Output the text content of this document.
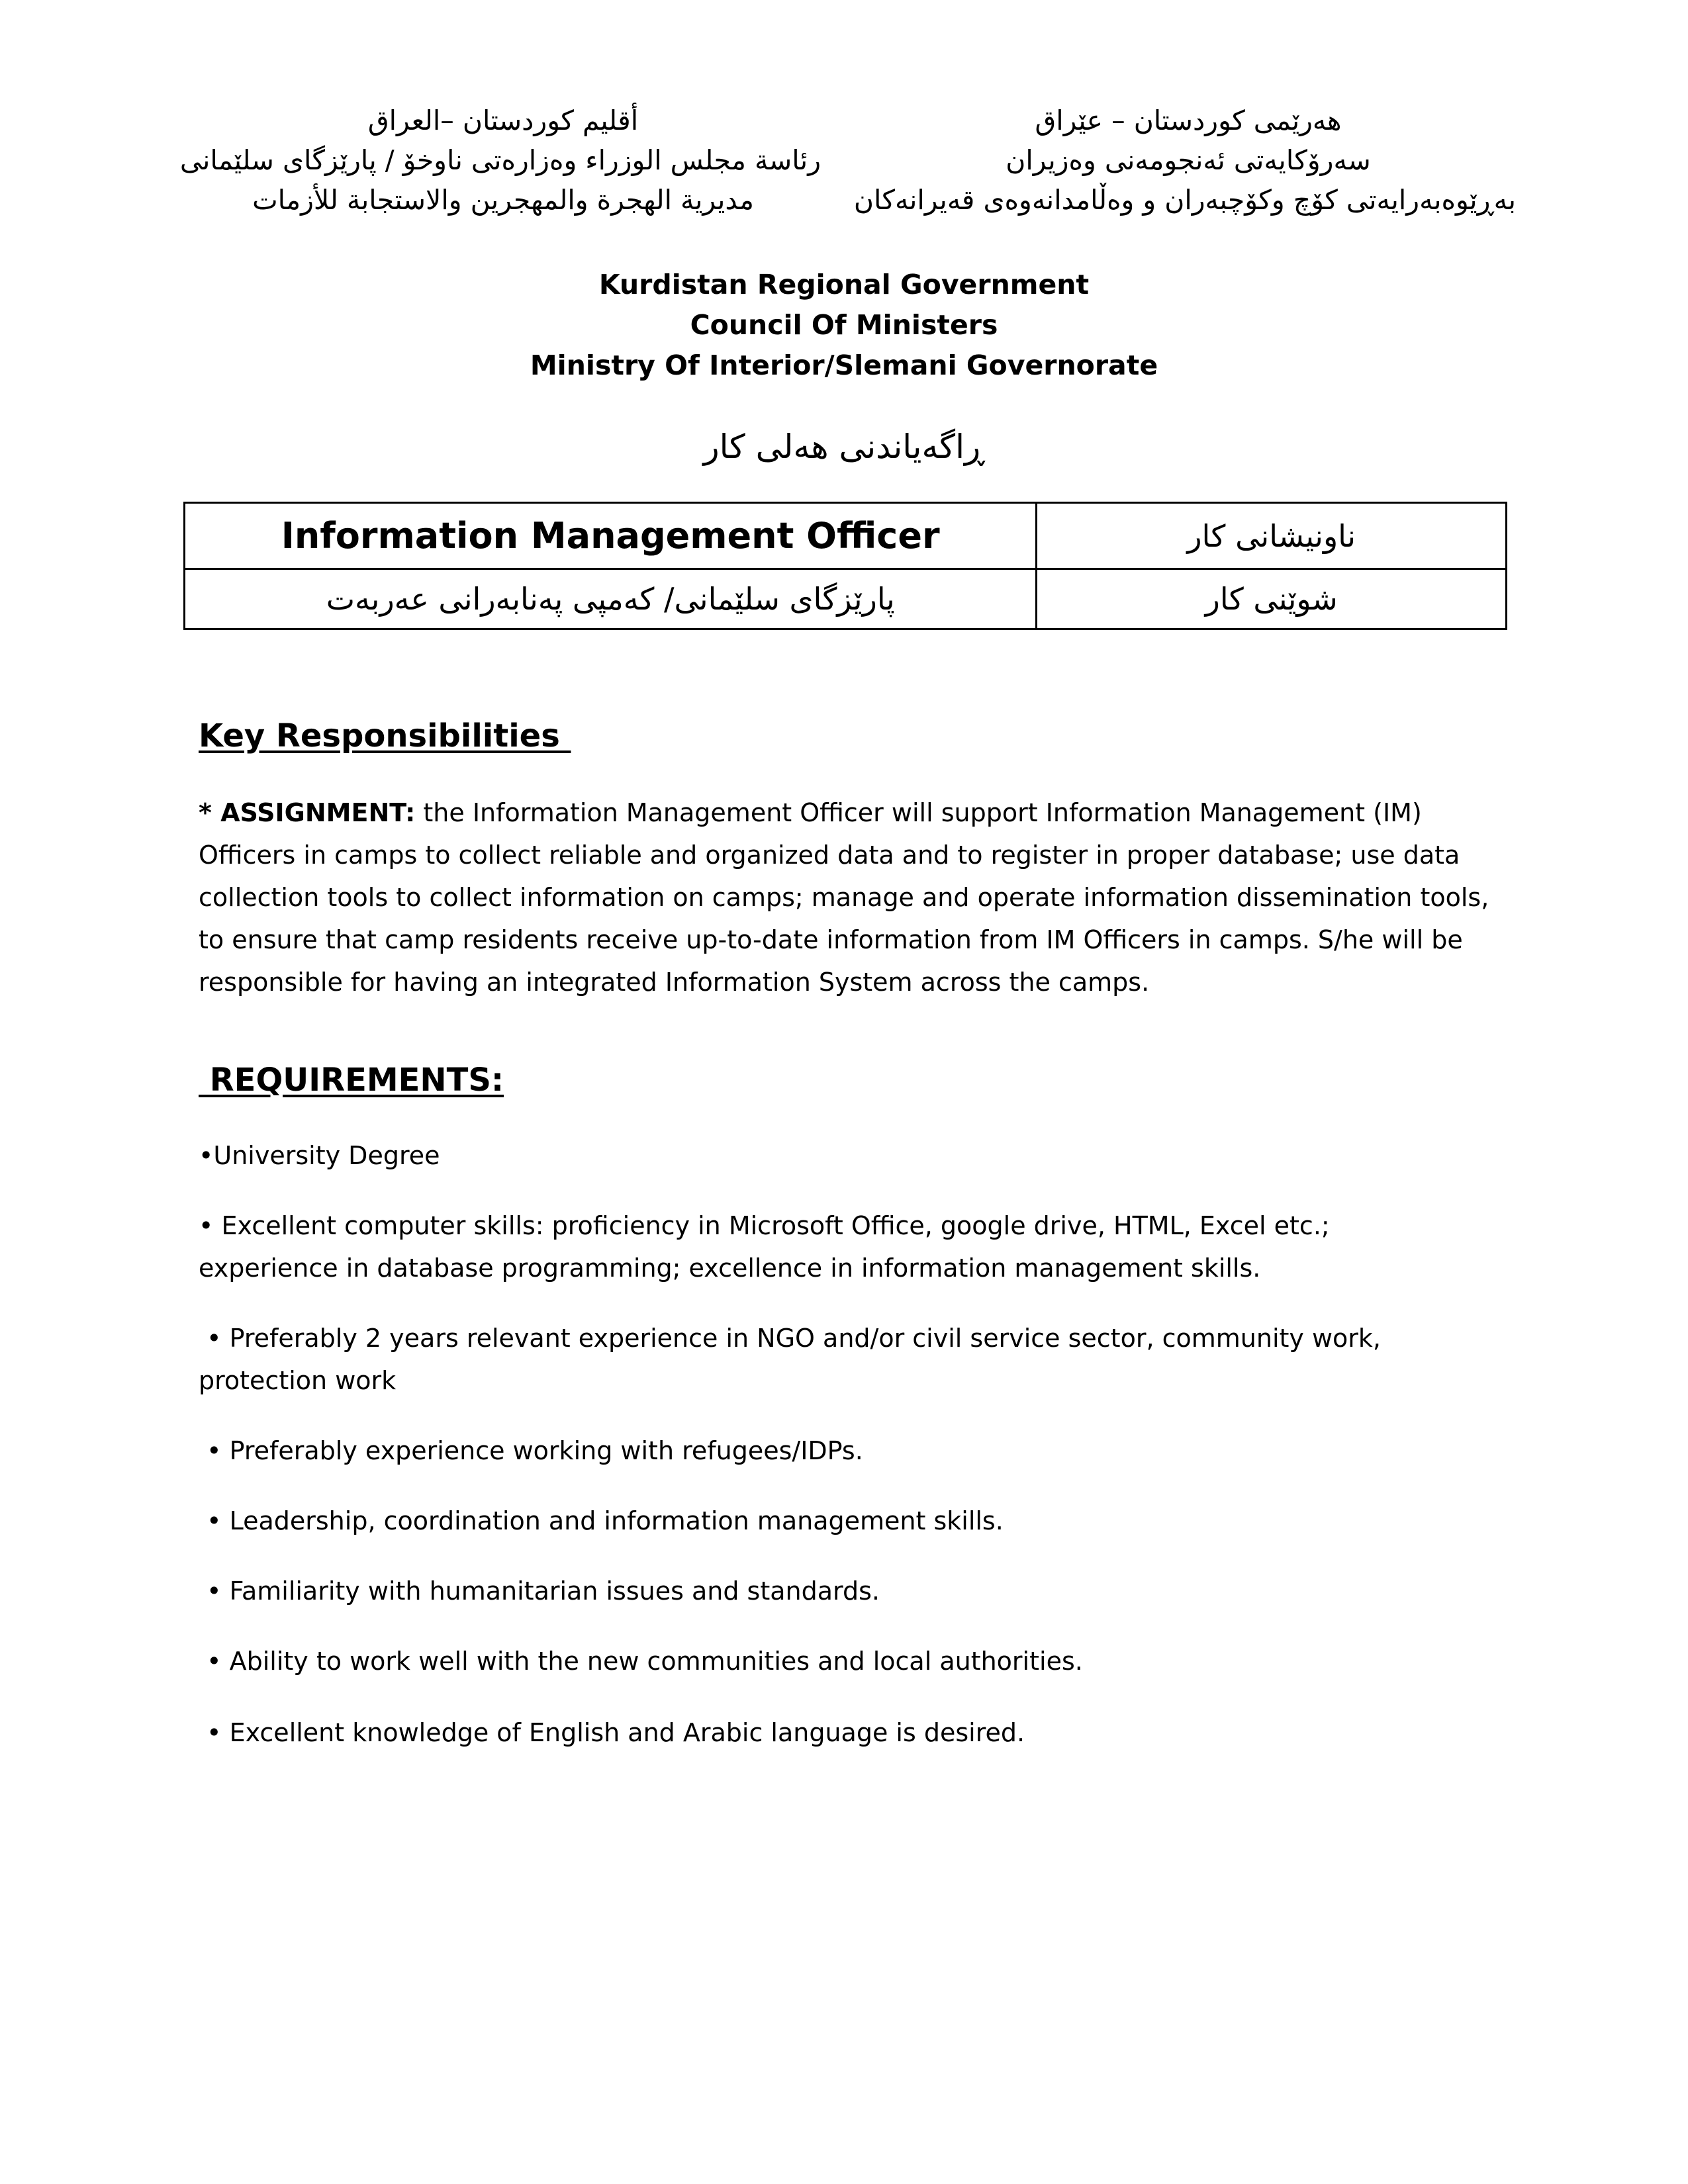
أقليم كوردستان –العراق
رئاسة مجلس الوزراء وەزارەتی ناوخۆ / پارێزگای سلێمانی
مديرية الهجرة والمهجرين والاستجابة للأزمات
هەرێمی كوردستان – عێراق
سەرۆكایەتی ئەنجومەنی وەزیران
بەڕێوەبەرایەتی کۆچ وکۆچبەران و وەڵامدانەوەی قەیرانەکان
Kurdistan Regional Government
Council Of Ministers
Ministry Of Interior/Slemani Governorate
ڕاگەیاندنی هەلی کار
Information Management Officer	ناونیشانی کار
پارێزگای سلێمانی/ کەمپی پەنابەرانی عەربەت	شوێنی کار
Key Responsibilities
* ASSIGNMENT: the Information Management Officer will support Information Management (IM) Officers in camps to collect reliable and organized data and to register in proper database; use data collection tools to collect information on camps; manage and operate information dissemination tools, to ensure that camp residents receive up-to-date information from IM Officers in camps. S/he will be responsible for having an integrated Information System across the camps.
REQUIREMENTS:
•University Degree
• Excellent computer skills: proficiency in Microsoft Office, google drive, HTML, Excel etc.;
experience in database programming; excellence in information management skills.
• Preferably 2 years relevant experience in NGO and/or civil service sector, community work,
protection work
• Preferably experience working with refugees/IDPs.
• Leadership, coordination and information management skills.
• Familiarity with humanitarian issues and standards.
• Ability to work well with the new communities and local authorities.
• Excellent knowledge of English and Arabic language is desired.
